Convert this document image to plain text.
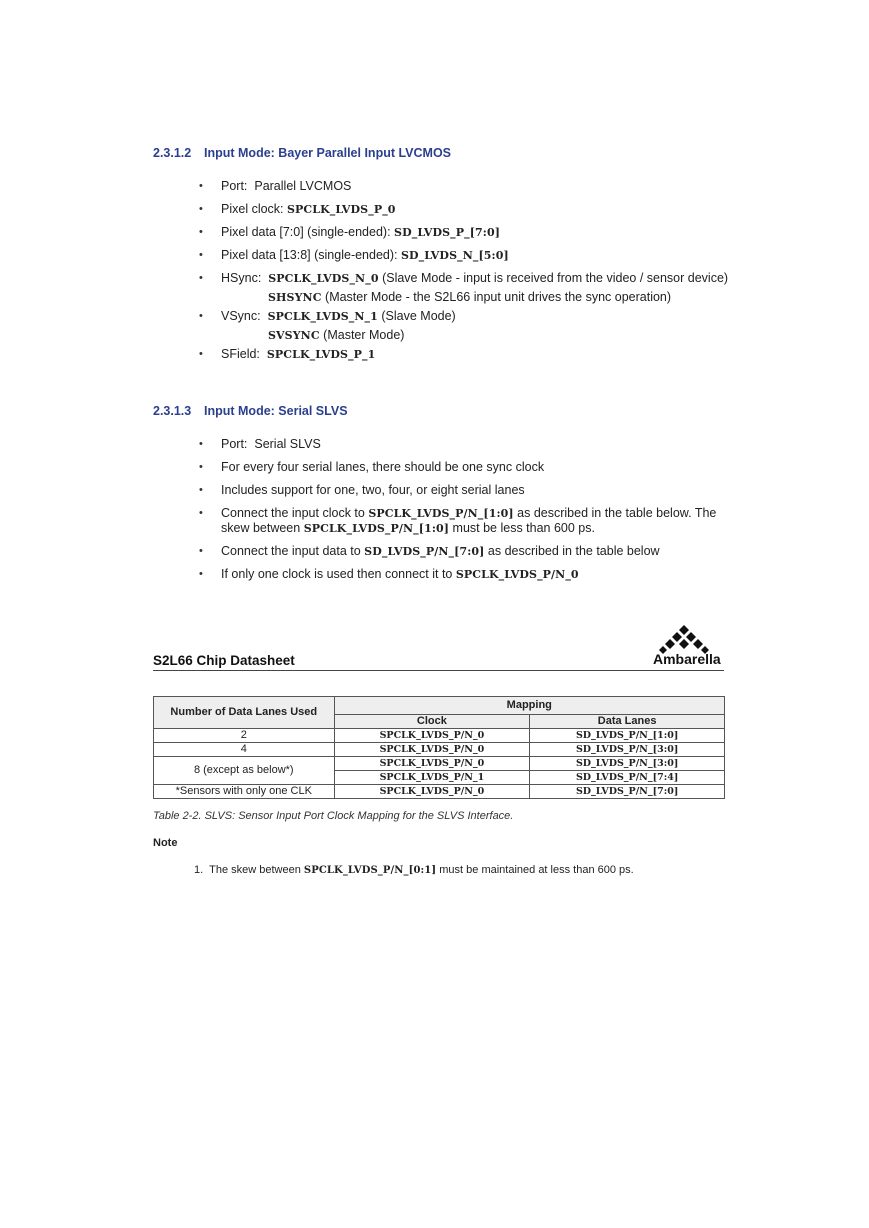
2.3.1.2 Input Mode: Bayer Parallel Input LVCMOS
• Port: Parallel LVCMOS
• Pixel clock: SPCLK_LVDS_P_0
• Pixel data [7:0] (single-ended): SD_LVDS_P_[7:0]
• Pixel data [13:8] (single-ended): SD_LVDS_N_[5:0]
• HSync: SPCLK_LVDS_N_0 (Slave Mode - input is received from the video / sensor device)
SHSYNC (Master Mode - the S2L66 input unit drives the sync operation)
• VSync: SPCLK_LVDS_N_1 (Slave Mode)
SVSYNC (Master Mode)
• SField: SPCLK_LVDS_P_1
2.3.1.3 Input Mode: Serial SLVS
• Port: Serial SLVS
• For every four serial lanes, there should be one sync clock
• Includes support for one, two, four, or eight serial lanes
• Connect the input clock to SPCLK_LVDS_P/N_[1:0] as described in the table below. The skew between SPCLK_LVDS_P/N_[1:0] must be less than 600 ps.
• Connect the input data to SD_LVDS_P/N_[7:0] as described in the table below
• If only one clock is used then connect it to SPCLK_LVDS_P/N_0
S2L66 Chip Datasheet	Ambarella
Number of Data Lanes Used	Mapping	
	Clock	Data Lanes
2	SPCLK_LVDS_P/N_0	SD_LVDS_P/N_[1:0]
4	SPCLK_LVDS_P/N_0	SD_LVDS_P/N_[3:0]
8 (except as below*)	SPCLK_LVDS_P/N_0	SD_LVDS_P/N_[3:0]
	SPCLK_LVDS_P/N_1	SD_LVDS_P/N_[7:4]
*Sensors with only one CLK	SPCLK_LVDS_P/N_0	SD_LVDS_P/N_[7:0]
Table 2-2. SLVS: Sensor Input Port Clock Mapping for the SLVS Interface.
Note
1. The skew between SPCLK_LVDS_P/N_[0:1] must be maintained at less than 600 ps.
